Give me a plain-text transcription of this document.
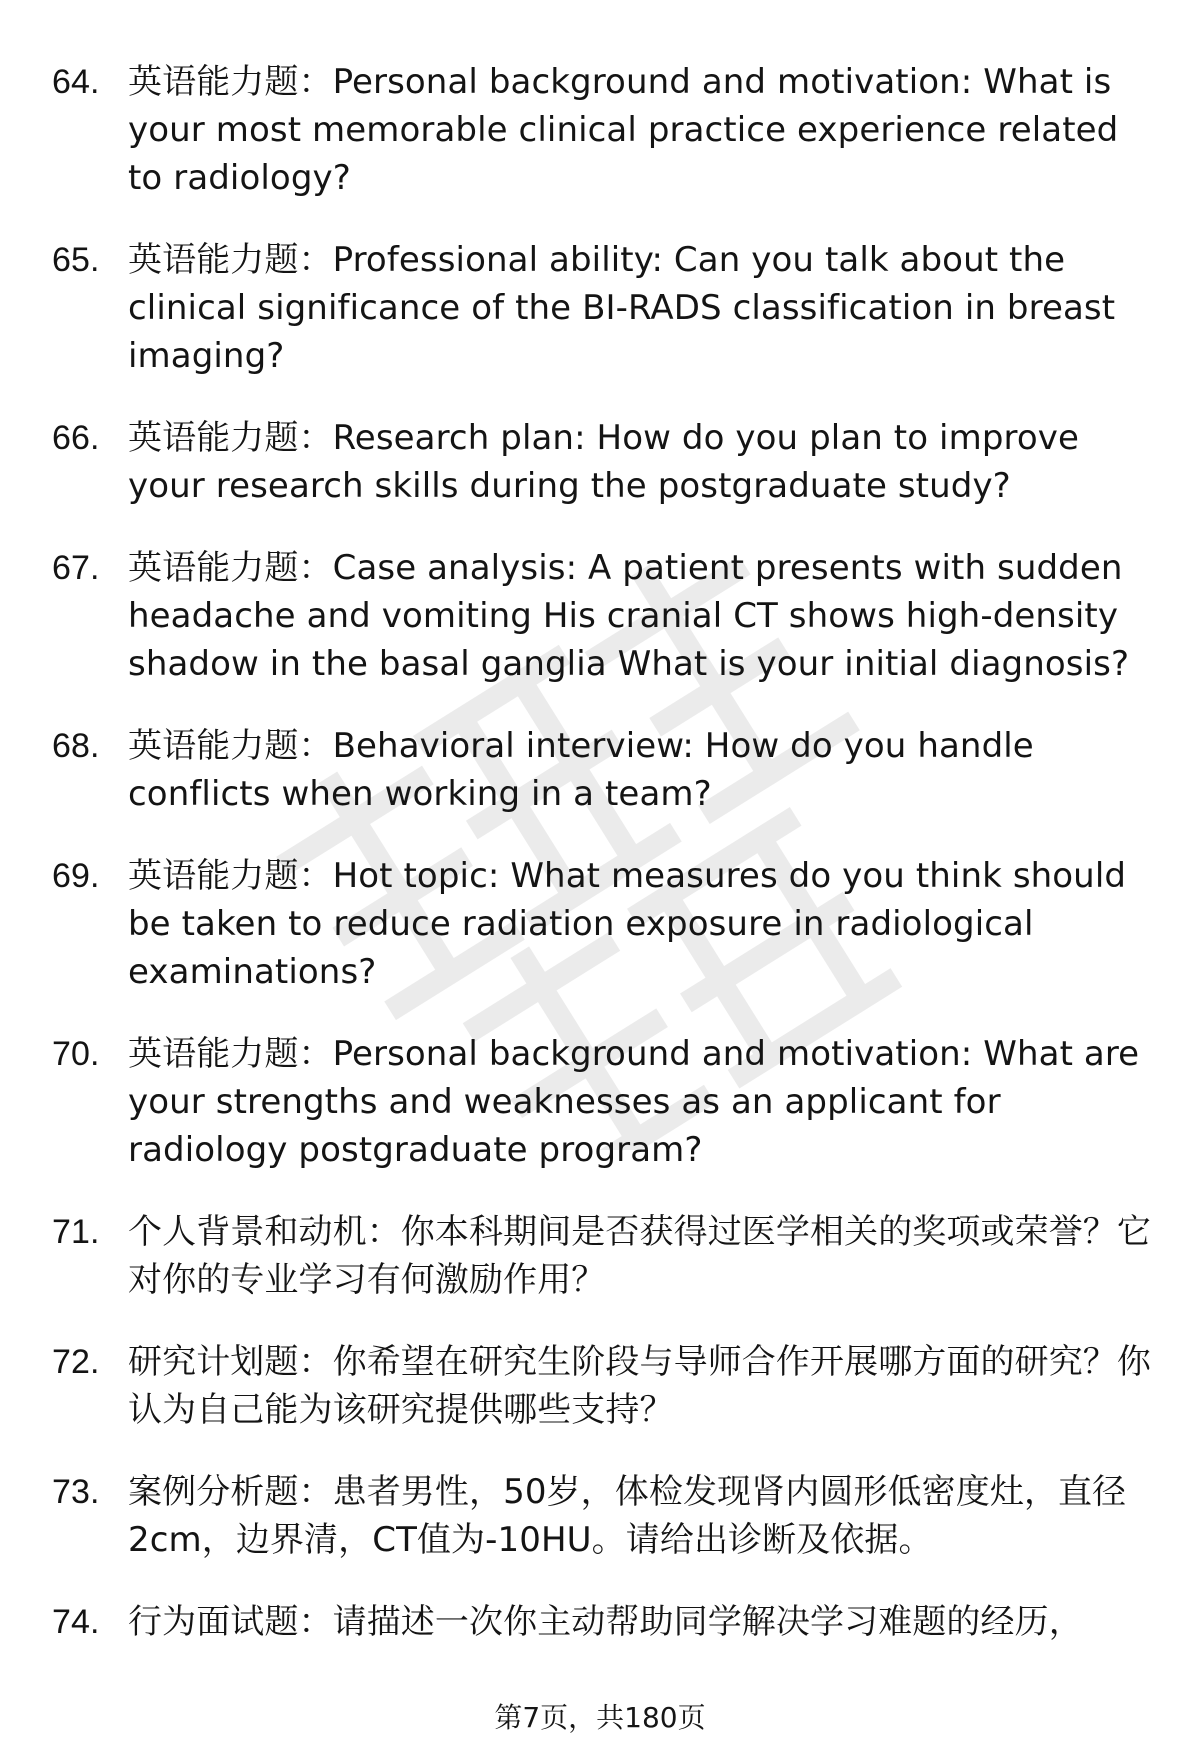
64. 英语能力题：Personal background and motivation: What is your most memorable clinical practice experience related to radiology?
65. 英语能力题：Professional ability: Can you talk about the clinical significance of the BI-RADS classification in breast imaging?
66. 英语能力题：Research plan: How do you plan to improve your research skills during the postgraduate study?
67. 英语能力题：Case analysis: A patient presents with sudden headache and vomiting His cranial CT shows high-density shadow in the basal ganglia What is your initial diagnosis?
68. 英语能力题：Behavioral interview: How do you handle conflicts when working in a team?
69. 英语能力题：Hot topic: What measures do you think should be taken to reduce radiation exposure in radiological examinations?
70. 英语能力题：Personal background and motivation: What are your strengths and weaknesses as an applicant for radiology postgraduate program?
71. 个人背景和动机：你本科期间是否获得过医学相关的奖项或荣誉？它对你的专业学习有何激励作用？
72. 研究计划题：你希望在研究生阶段与导师合作开展哪方面的研究？你认为自己能为该研究提供哪些支持？
73. 案例分析题：患者男性，50岁，体检发现肾内圆形低密度灶，直径2cm，边界清，CT值为-10HU。请给出诊断及依据。
74. 行为面试题：请描述一次你主动帮助同学解决学习难题的经历，
第7页，共180页
